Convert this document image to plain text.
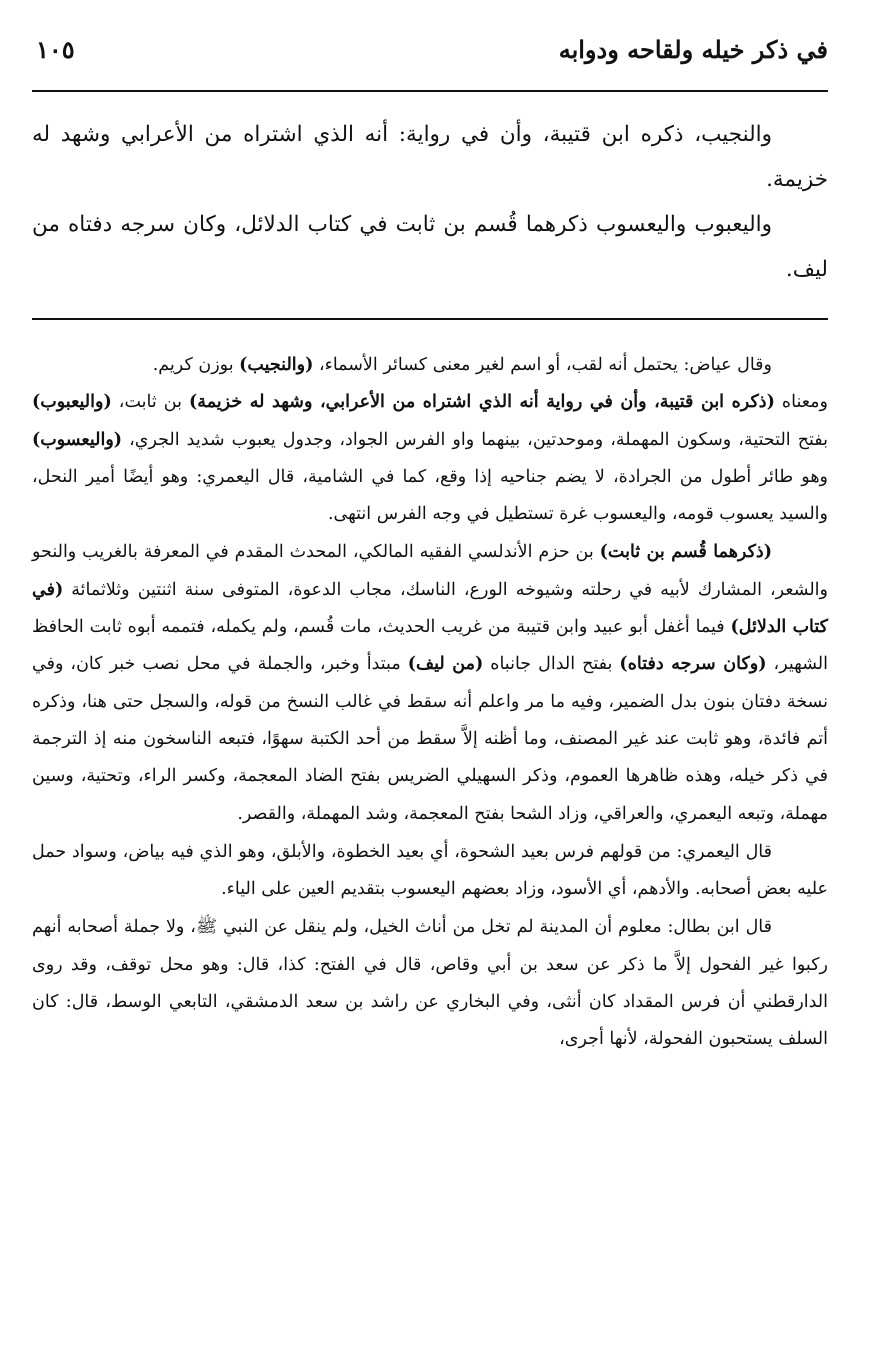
في ذكر خيله ولقاحه ودوابه
١٠٥

والنجيب، ذكره ابن قتيبة، وأن في رواية: أنه الذي اشتراه من الأعرابي وشهد له خزيمة.

واليعبوب واليعسوب ذكرهما قُسم بن ثابت في كتاب الدلائل، وكان سرجه دفتاه من ليف.

وقال عياض: يحتمل أنه لقب، أو اسم لغير معنى كسائر الأسماء، (والنجيب) بوزن كريم.

ومعناه (ذكره ابن قتيبة، وأن في رواية أنه الذي اشتراه من الأعرابي، وشهد له خزيمة) بن ثابت، (واليعبوب) بفتح التحتية، وسكون المهملة، وموحدتين، بينهما واو الفرس الجواد، وجدول يعبوب شديد الجري، (واليعسوب) وهو طائر أطول من الجرادة، لا يضم جناحيه إذا وقع، كما في الشامية، قال اليعمري: وهو أيضًا أمير النحل، والسيد يعسوب قومه، واليعسوب غرة تستطيل في وجه الفرس انتهى.

(ذكرهما قُسم بن ثابت) بن حزم الأندلسي الفقيه المالكي، المحدث المقدم في المعرفة بالغريب والنحو والشعر، المشارك لأبيه في رحلته وشيوخه الورع، الناسك، مجاب الدعوة، المتوفى سنة اثنتين وثلاثمائة (في كتاب الدلائل) فيما أغفل أبو عبيد وابن قتيبة من غريب الحديث، مات قُسم، ولم يكمله، فتممه أبوه ثابت الحافظ الشهير، (وكان سرجه دفتاه) بفتح الدال جانباه (من ليف) مبتدأ وخبر، والجملة في محل نصب خبر كان، وفي نسخة دفتان بنون بدل الضمير، وفيه ما مر واعلم أنه سقط في غالب النسخ من قوله، والسجل حتى هنا، وذكره أتم فائدة، وهو ثابت عند غير المصنف، وما أظنه إلاَّ سقط من أحد الكتبة سهوًا، فتبعه الناسخون منه إذ الترجمة في ذكر خيله، وهذه ظاهرها العموم، وذكر السهيلي الضريس بفتح الضاد المعجمة، وكسر الراء، وتحتية، وسين مهملة، وتبعه اليعمري، والعراقي، وزاد الشحا بفتح المعجمة، وشد المهملة، والقصر.

قال اليعمري: من قولهم فرس بعيد الشحوة، أي بعيد الخطوة، والأبلق، وهو الذي فيه بياض، وسواد حمل عليه بعض أصحابه. والأدهم، أي الأسود، وزاد بعضهم اليعسوب بتقديم العين على الياء.

قال ابن بطال: معلوم أن المدينة لم تخل من أناث الخيل، ولم ينقل عن النبي ﷺ، ولا جملة أصحابه أنهم ركبوا غير الفحول إلاَّ ما ذكر عن سعد بن أبي وقاص، قال في الفتح: كذا، قال: وهو محل توقف، وقد روى الدارقطني أن فرس المقداد كان أنثى، وفي البخاري عن راشد بن سعد الدمشقي، التابعي الوسط، قال: كان السلف يستحبون الفحولة، لأنها أجرى،
